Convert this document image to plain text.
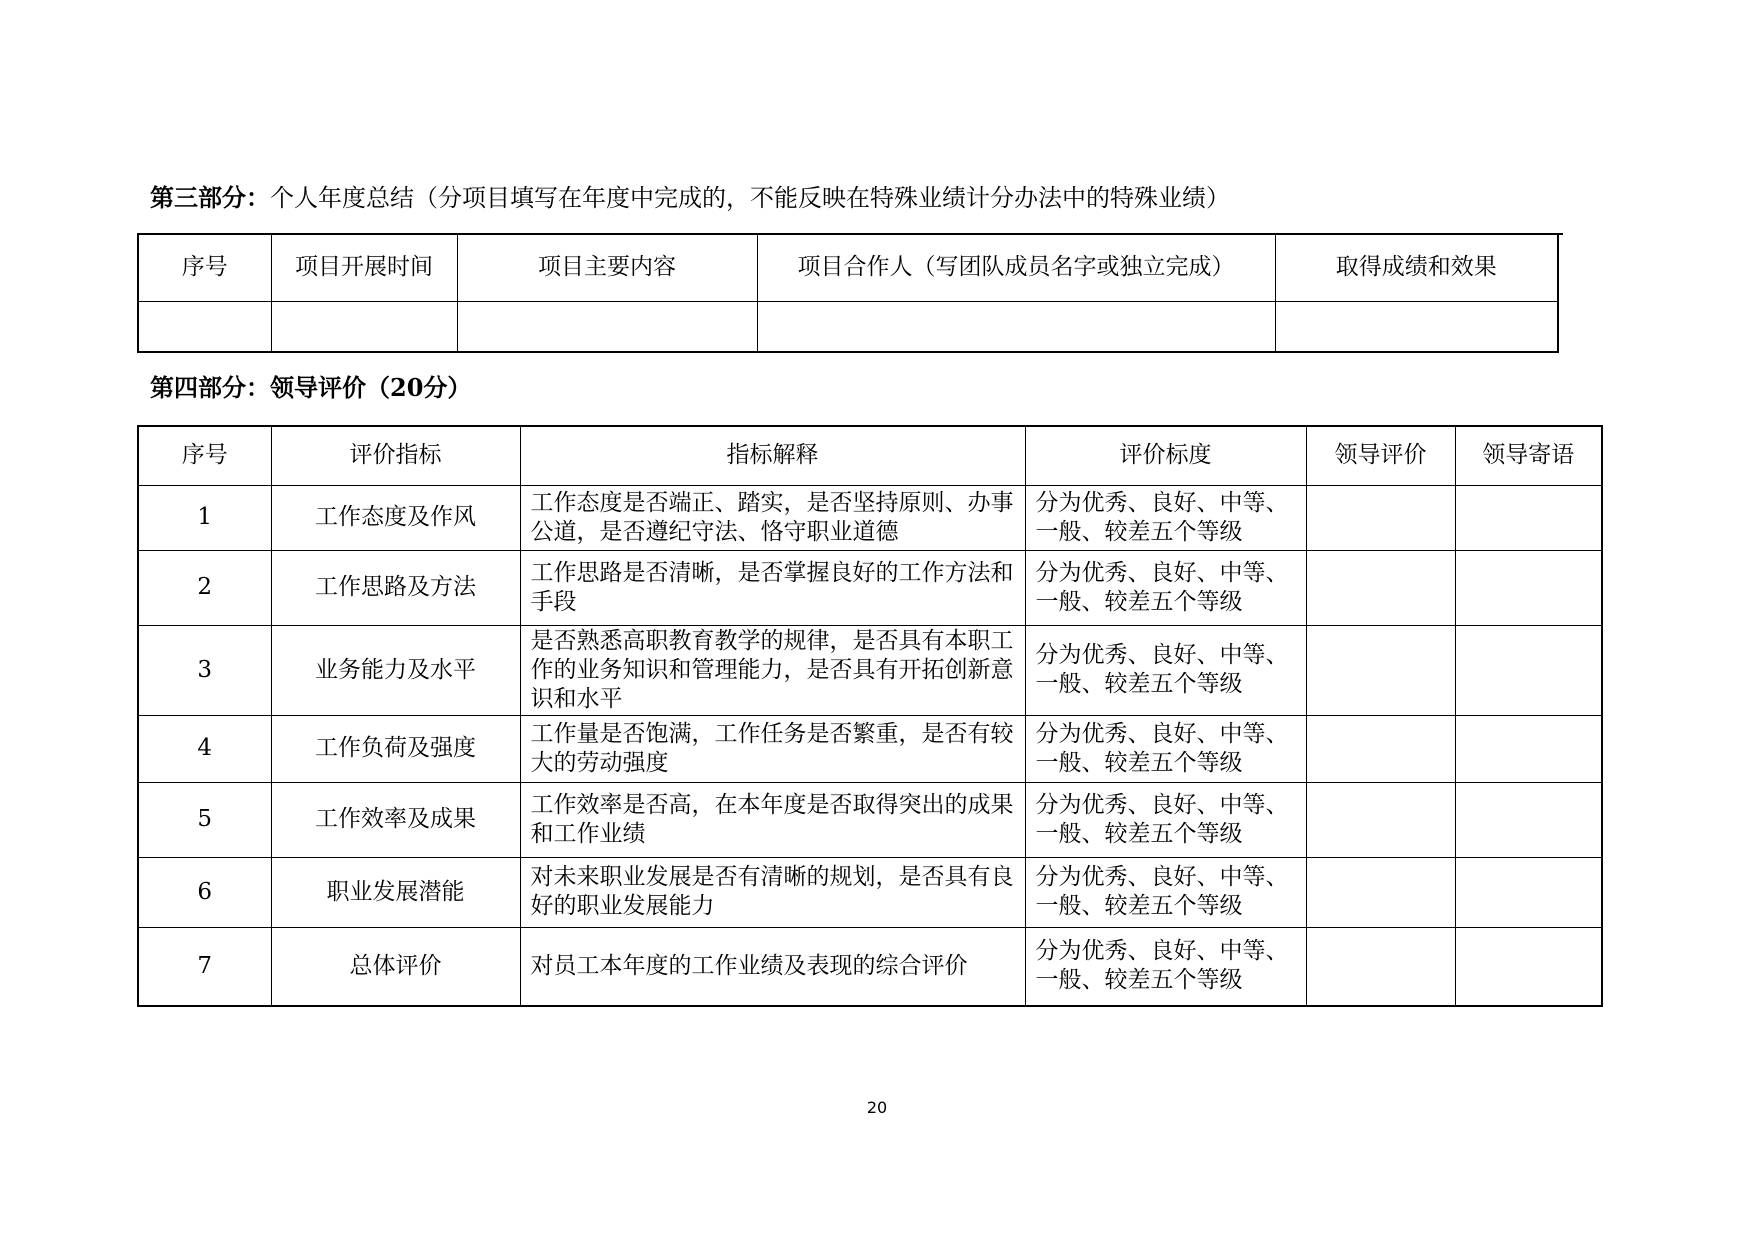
第三部分：个人年度总结（分项目填写在年度中完成的，不能反映在特殊业绩计分办法中的特殊业绩）
序号	项目开展时间	项目主要内容	项目合作人（写团队成员名字或独立完成）	取得成绩和效果

第四部分：领导评价（20分）
序号	评价指标	指标解释	评价标度	领导评价	领导寄语
1	工作态度及作风	工作态度是否端正、踏实，是否坚持原则、办事公道，是否遵纪守法、恪守职业道德	分为优秀、良好、中等、一般、较差五个等级		
2	工作思路及方法	工作思路是否清晰，是否掌握良好的工作方法和手段	分为优秀、良好、中等、一般、较差五个等级		
3	业务能力及水平	是否熟悉高职教育教学的规律，是否具有本职工作的业务知识和管理能力，是否具有开拓创新意识和水平	分为优秀、良好、中等、一般、较差五个等级		
4	工作负荷及强度	工作量是否饱满，工作任务是否繁重，是否有较大的劳动强度	分为优秀、良好、中等、一般、较差五个等级		
5	工作效率及成果	工作效率是否高，在本年度是否取得突出的成果和工作业绩	分为优秀、良好、中等、一般、较差五个等级		
6	职业发展潜能	对未来职业发展是否有清晰的规划，是否具有良好的职业发展能力	分为优秀、良好、中等、一般、较差五个等级		
7	总体评价	对员工本年度的工作业绩及表现的综合评价	分为优秀、良好、中等、一般、较差五个等级		
20
